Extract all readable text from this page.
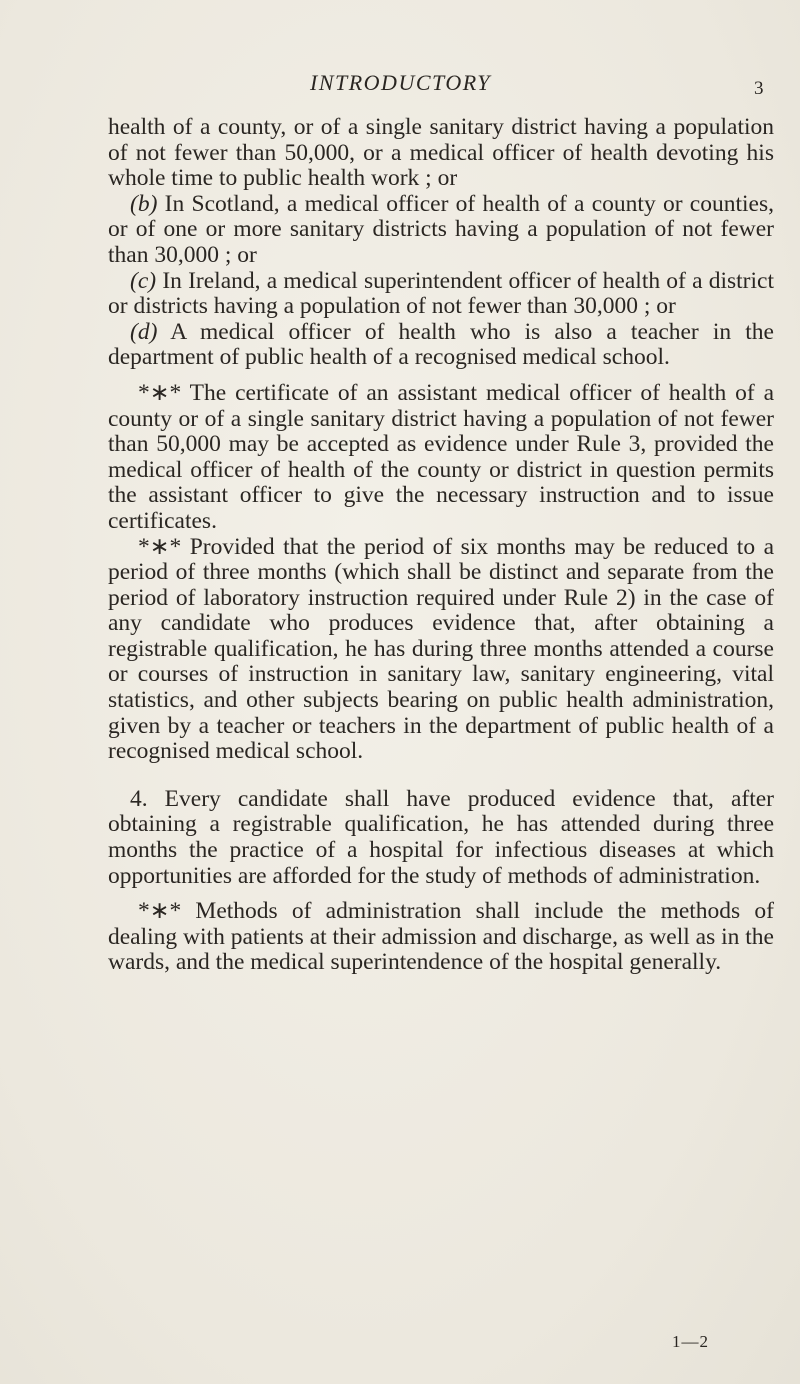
INTRODUCTORY	3

health of a county, or of a single sanitary district having a population of not fewer than 50,000, or a medical officer of health devoting his whole time to public health work ; or

(b) In Scotland, a medical officer of health of a county or counties, or of one or more sanitary districts having a population of not fewer than 30,000 ; or

(c) In Ireland, a medical superintendent officer of health of a district or districts having a population of not fewer than 30,000 ; or

(d) A medical officer of health who is also a teacher in the department of public health of a recognised medical school.

*∗* The certificate of an assistant medical officer of health of a county or of a single sanitary district having a population of not fewer than 50,000 may be accepted as evidence under Rule 3, provided the medical officer of health of the county or district in question permits the assistant officer to give the necessary instruction and to issue certificates.

*∗* Provided that the period of six months may be reduced to a period of three months (which shall be distinct and separate from the period of laboratory instruction required under Rule 2) in the case of any candidate who produces evidence that, after obtaining a registrable qualification, he has during three months attended a course or courses of instruction in sanitary law, sanitary engineering, vital statistics, and other subjects bearing on public health administration, given by a teacher or teachers in the department of public health of a recognised medical school.

4. Every candidate shall have produced evidence that, after obtaining a registrable qualification, he has attended during three months the practice of a hospital for infectious diseases at which opportunities are afforded for the study of methods of administration.

*∗* Methods of administration shall include the methods of dealing with patients at their admission and discharge, as well as in the wards, and the medical superintendence of the hospital generally.

1—2
